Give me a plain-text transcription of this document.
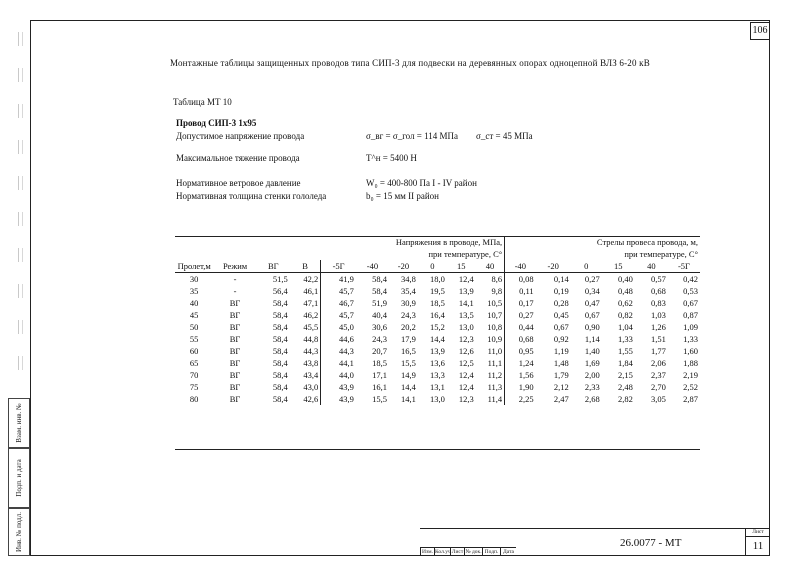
Взам. инв. №
Подп. и дата
Инв. № подл.
106
Монтажные таблицы защищенных проводов типа СИП-3 для подвески на деревянных опорах одноцепной ВЛЗ 6-20 кВ
Таблица МТ 10
Провод СИП-3 1х95
Допустимое напряжение провода	σ_вг = σ_гол = 114 МПа σ_ст = 45 МПа
Максимальное тяжение провода	Т^н = 5400 Н
Нормативное ветровое давление	W₀ = 400-800 Па I - IV район
Нормативная толщина стенки гололеда	b₀ = 15 мм II район
Напряжения в проводе, МПа,										Стрелы провеса провода, м,					
при температуре, С°										при температуре, С°					
Пролет,м	Режим	ВГ	В	-5Г	-40	-20	0	15	40	-40	-20	0	15	40	-5Г
30	-	51,5	42,2	41,9	58,4	34,8	18,0	12,4	8,6	0,08	0,14	0,27	0,40	0,57	0,42
35	-	56,4	46,1	45,7	58,4	35,4	19,5	13,9	9,8	0,11	0,19	0,34	0,48	0,68	0,53
40	ВГ	58,4	47,1	46,7	51,9	30,9	18,5	14,1	10,5	0,17	0,28	0,47	0,62	0,83	0,67
45	ВГ	58,4	46,2	45,7	40,4	24,3	16,4	13,5	10,7	0,27	0,45	0,67	0,82	1,03	0,87
50	ВГ	58,4	45,5	45,0	30,6	20,2	15,2	13,0	10,8	0,44	0,67	0,90	1,04	1,26	1,09
55	ВГ	58,4	44,8	44,6	24,3	17,9	14,4	12,3	10,9	0,68	0,92	1,14	1,33	1,51	1,33
60	ВГ	58,4	44,3	44,3	20,7	16,5	13,9	12,6	11,0	0,95	1,19	1,40	1,55	1,77	1,60
65	ВГ	58,4	43,8	44,1	18,5	15,5	13,6	12,5	11,1	1,24	1,48	1,69	1,84	2,06	1,88
70	ВГ	58,4	43,4	44,0	17,1	14,9	13,3	12,4	11,2	1,56	1,79	2,00	2,15	2,37	2,19
75	ВГ	58,4	43,0	43,9	16,1	14,4	13,1	12,4	11,3	1,90	2,12	2,33	2,48	2,70	2,52
80	ВГ	58,4	42,6	43,9	15,5	14,1	13,0	12,3	11,4	2,25	2,47	2,68	2,82	3,05	2,87
Изм. Кол.уч Лист № док. Подп. Дата
26.0077 - МТ
Лист
11
